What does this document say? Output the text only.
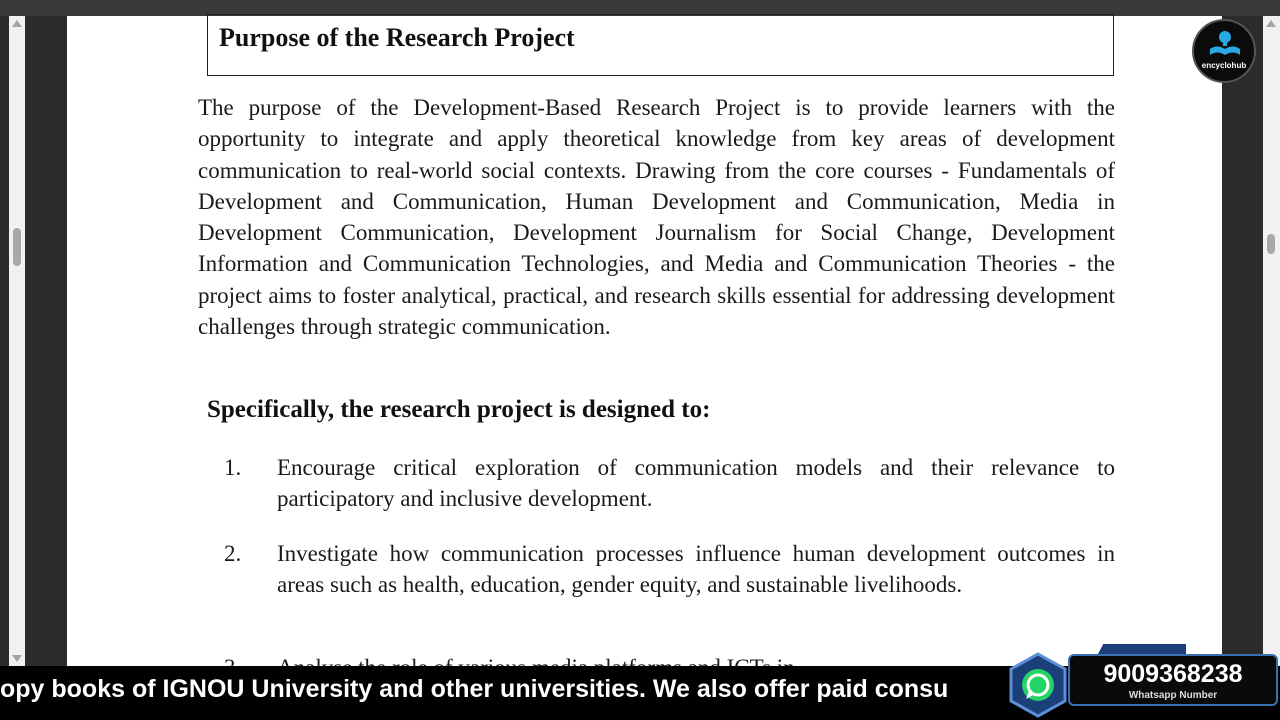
Purpose of the Research Project

The purpose of the Development-Based Research Project is to provide learners with the opportunity to integrate and apply theoretical knowledge from key areas of development communication to real-world social contexts. Drawing from the core courses - Fundamentals of Development and Communication, Human Development and Communication, Media in Development Communication, Development Journalism for Social Change, Development Information and Communication Technologies, and Media and Communication Theories - the project aims to foster analytical, practical, and research skills essential for addressing development challenges through strategic communication.

Specifically, the research project is designed to:

1. Encourage critical exploration of communication models and their relevance to participatory and inclusive development.
2. Investigate how communication processes influence human development outcomes in areas such as health, education, gender equity, and sustainable livelihoods.
encyclohub
opy books of IGNOU University and other universities. We also offer paid consu
9009368238
Whatsapp Number
